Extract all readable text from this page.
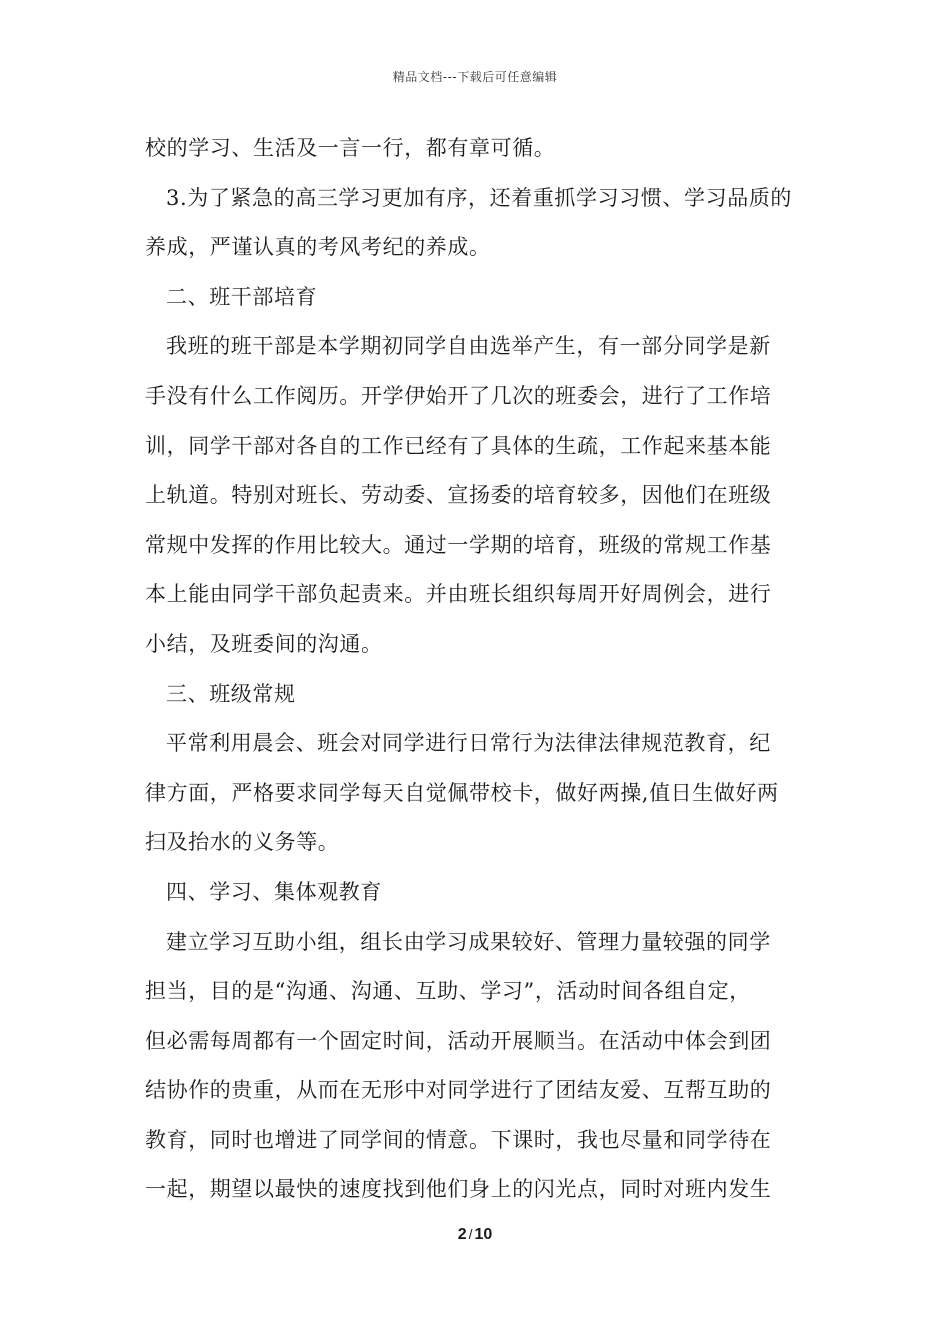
精品文档---下载后可任意编辑
校的学习、生活及一言一行，都有章可循。
3.为了紧急的高三学习更加有序，还着重抓学习习惯、学习品质的
养成，严谨认真的考风考纪的养成。
二、班干部培育
我班的班干部是本学期初同学自由选举产生，有一部分同学是新
手没有什么工作阅历。开学伊始开了几次的班委会，进行了工作培
训，同学干部对各自的工作已经有了具体的生疏，工作起来基本能
上轨道。特别对班长、劳动委、宣扬委的培育较多，因他们在班级
常规中发挥的作用比较大。通过一学期的培育，班级的常规工作基
本上能由同学干部负起责来。并由班长组织每周开好周例会，进行
小结，及班委间的沟通。
三、班级常规
平常利用晨会、班会对同学进行日常行为法律法律规范教育，纪
律方面，严格要求同学每天自觉佩带校卡，做好两操,值日生做好两
扫及抬水的义务等。
四、学习、集体观教育
建立学习互助小组，组长由学习成果较好、管理力量较强的同学
担当，目的是“沟通、沟通、互助、学习”，活动时间各组自定，
但必需每周都有一个固定时间，活动开展顺当。在活动中体会到团
结协作的贵重，从而在无形中对同学进行了团结友爱、互帮互助的
教育，同时也增进了同学间的情意。下课时，我也尽量和同学待在
一起，期望以最快的速度找到他们身上的闪光点，同时对班内发生
2 / 10
